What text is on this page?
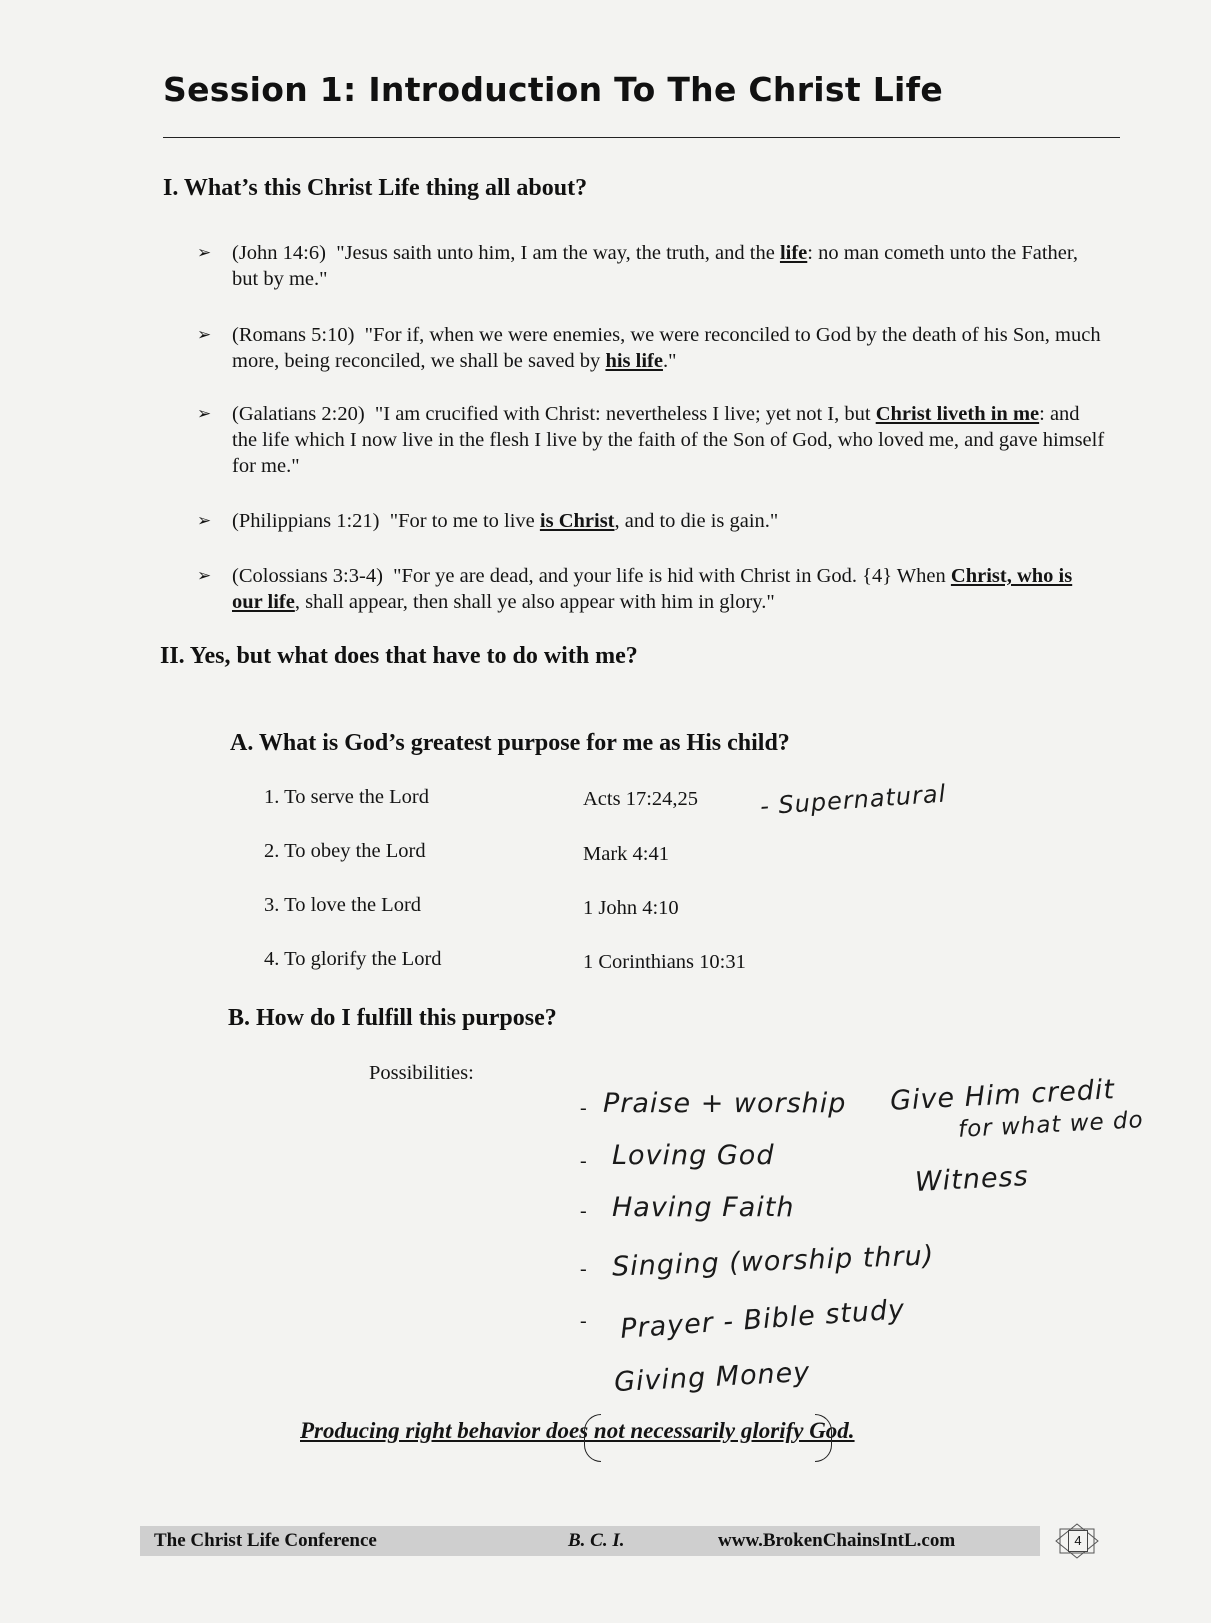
Session 1: Introduction To The Christ Life
I. What’s this Christ Life thing all about?
➢ (John 14:6) "Jesus saith unto him, I am the way, the truth, and the life: no man cometh unto the Father, but by me."
➢ (Romans 5:10) "For if, when we were enemies, we were reconciled to God by the death of his Son, much more, being reconciled, we shall be saved by his life."
➢ (Galatians 2:20) "I am crucified with Christ: nevertheless I live; yet not I, but Christ liveth in me: and the life which I now live in the flesh I live by the faith of the Son of God, who loved me, and gave himself for me."
➢ (Philippians 1:21) "For to me to live is Christ, and to die is gain."
➢ (Colossians 3:3-4) "For ye are dead, and your life is hid with Christ in God. {4} When Christ, who is our life, shall appear, then shall ye also appear with him in glory."
II. Yes, but what does that have to do with me?
A. What is God’s greatest purpose for me as His child?
1. To serve the Lord	Acts 17:24,25
2. To obey the Lord	Mark 4:41
3. To love the Lord	1 John 4:10
4. To glorify the Lord	1 Corinthians 10:31
- Supernatural
B. How do I fulfill this purpose?
Possibilities:
-
-
-
-
-
Praise + worship
Loving God
Having Faith
Singing (worship thru)
Prayer - Bible study
Giving Money
Give Him credit
for what we do
Witness
Producing right behavior does not necessarily glorify God.
The Christ Life Conference	B. C. I.	www.BrokenChainsIntL.com	4
